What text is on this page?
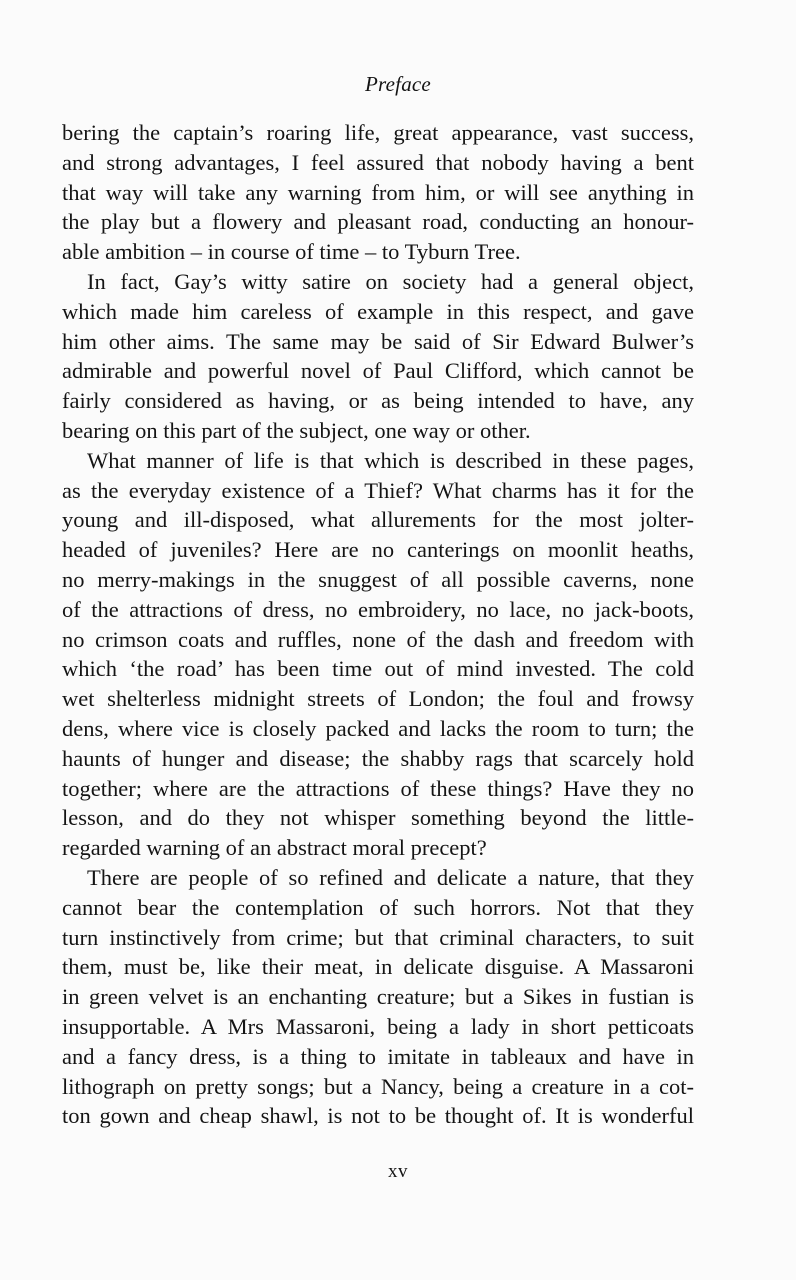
Preface
bering the captain’s roaring life, great appearance, vast success,
and strong advantages, I feel assured that nobody having a bent
that way will take any warning from him, or will see anything in
the play but a flowery and pleasant road, conducting an honour-
able ambition – in course of time – to Tyburn Tree.
In fact, Gay’s witty satire on society had a general object,
which made him careless of example in this respect, and gave
him other aims. The same may be said of Sir Edward Bulwer’s
admirable and powerful novel of Paul Clifford, which cannot be
fairly considered as having, or as being intended to have, any
bearing on this part of the subject, one way or other.
What manner of life is that which is described in these pages,
as the everyday existence of a Thief? What charms has it for the
young and ill-disposed, what allurements for the most jolter-
headed of juveniles? Here are no canterings on moonlit heaths,
no merry-makings in the snuggest of all possible caverns, none
of the attractions of dress, no embroidery, no lace, no jack-boots,
no crimson coats and ruffles, none of the dash and freedom with
which ‘the road’ has been time out of mind invested. The cold
wet shelterless midnight streets of London; the foul and frowsy
dens, where vice is closely packed and lacks the room to turn; the
haunts of hunger and disease; the shabby rags that scarcely hold
together; where are the attractions of these things? Have they no
lesson, and do they not whisper something beyond the little-
regarded warning of an abstract moral precept?
There are people of so refined and delicate a nature, that they
cannot bear the contemplation of such horrors. Not that they
turn instinctively from crime; but that criminal characters, to suit
them, must be, like their meat, in delicate disguise. A Massaroni
in green velvet is an enchanting creature; but a Sikes in fustian is
insupportable. A Mrs Massaroni, being a lady in short petticoats
and a fancy dress, is a thing to imitate in tableaux and have in
lithograph on pretty songs; but a Nancy, being a creature in a cot-
ton gown and cheap shawl, is not to be thought of. It is wonderful
xv
